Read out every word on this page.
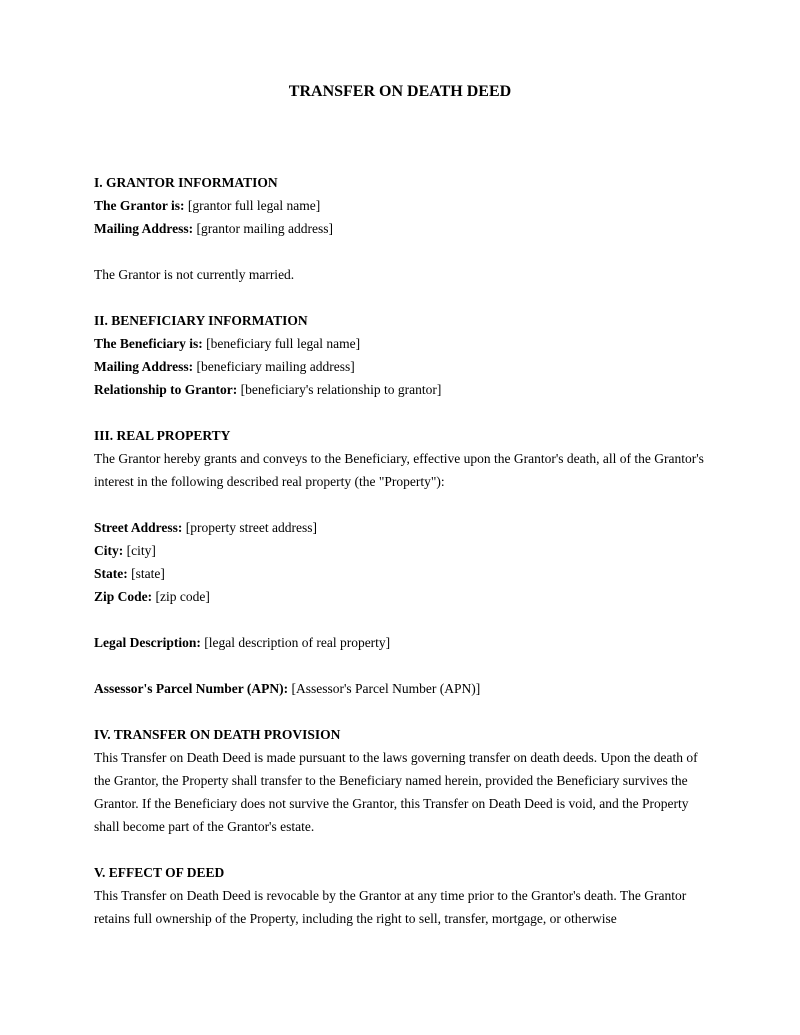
TRANSFER ON DEATH DEED

I. GRANTOR INFORMATION

The Grantor is: [grantor full legal name]

Mailing Address: [grantor mailing address]

The Grantor is not currently married.

II. BENEFICIARY INFORMATION

The Beneficiary is: [beneficiary full legal name]

Mailing Address: [beneficiary mailing address]

Relationship to Grantor: [beneficiary's relationship to grantor]

III. REAL PROPERTY

The Grantor hereby grants and conveys to the Beneficiary, effective upon the Grantor's death, all of the Grantor's interest in the following described real property (the "Property"):

Street Address: [property street address]

City: [city]

State: [state]

Zip Code: [zip code]

Legal Description: [legal description of real property]

Assessor's Parcel Number (APN): [Assessor's Parcel Number (APN)]

IV. TRANSFER ON DEATH PROVISION

This Transfer on Death Deed is made pursuant to the laws governing transfer on death deeds. Upon the death of the Grantor, the Property shall transfer to the Beneficiary named herein, provided the Beneficiary survives the Grantor. If the Beneficiary does not survive the Grantor, this Transfer on Death Deed is void, and the Property shall become part of the Grantor's estate.

V. EFFECT OF DEED

This Transfer on Death Deed is revocable by the Grantor at any time prior to the Grantor's death. The Grantor retains full ownership of the Property, including the right to sell, transfer, mortgage, or otherwise
